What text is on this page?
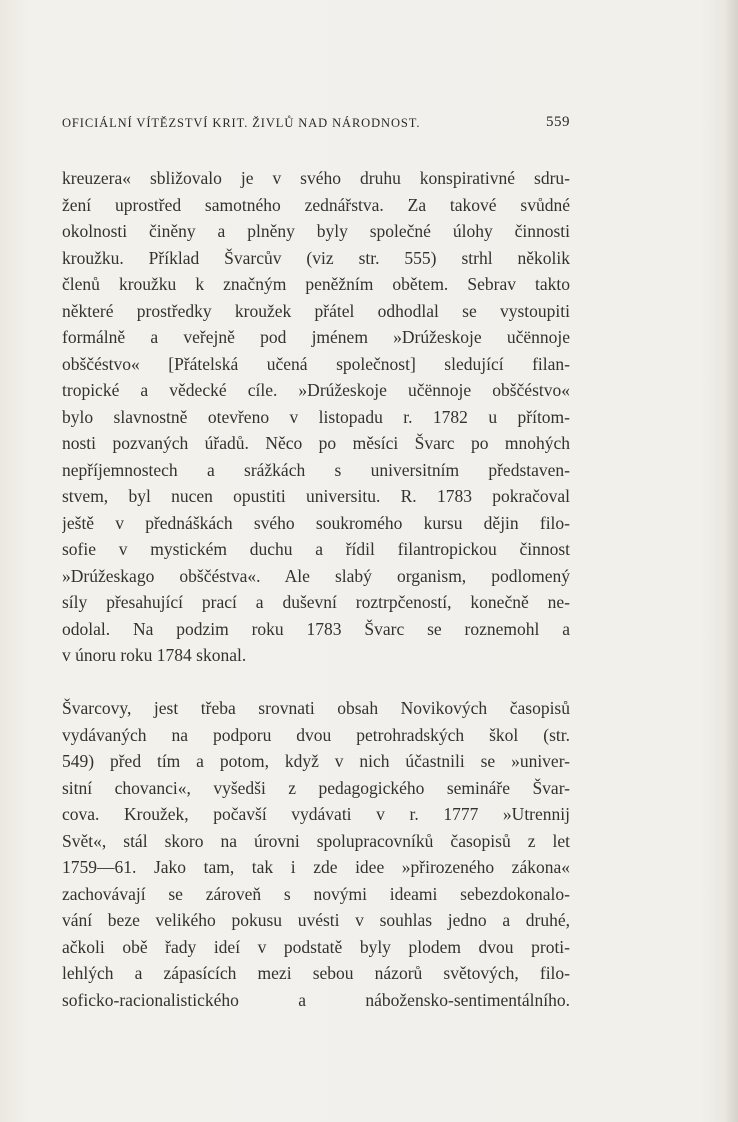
OFICIÁLNÍ VÍTĚZSTVÍ KRIT. ŽIVLŮ NAD NÁRODNOST.	559
kreuzera« sbližovalo je v svého druhu konspirativné sdru-
žení uprostřed samotného zednářstva. Za takové svůdné
okolnosti činěny a plněny byly společné úlohy činnosti
kroužku. Příklad Švarcův (viz str. 555) strhl několik
členů kroužku k značným peněžním obětem. Sebrav takto
některé prostředky kroužek přátel odhodlal se vystoupiti
formálně a veřejně pod jménem »Drúžeskoje učënnoje
obščéstvo« [Přátelská učená společnost] sledující filan-
tropické a vědecké cíle. »Drúžeskoje učënnoje obščéstvo«
bylo slavnostně otevřeno v listopadu r. 1782 u přítom-
nosti pozvaných úřadů. Něco po měsíci Švarc po mnohých
nepříjemnostech a srážkách s universitním představen-
stvem, byl nucen opustiti universitu. R. 1783 pokračoval
ještě v přednáškách svého soukromého kursu dějin filo-
sofie v mystickém duchu a řídil filantropickou činnost
»Drúžeskago obščéstva«. Ale slabý organism, podlomený
síly přesahující prací a duševní roztrpčeností, konečně ne-
odolal. Na podzim roku 1783 Švarc se roznemohl a
v únoru roku 1784 skonal.
Švarcovy, jest třeba srovnati obsah Novikových časopisů
vydávaných na podporu dvou petrohradských škol (str.
549) před tím a potom, když v nich účastnili se »univer-
sitní chovanci«, vyšedši z pedagogického semináře Švar-
cova. Kroužek, počavší vydávati v r. 1777 »Utrennij
Svět«, stál skoro na úrovni spolupracovníků časopisů z let
1759—61. Jako tam, tak i zde idee »přirozeného zákona«
zachovávají se zároveň s novými ideami sebezdokonalo-
vání beze velikého pokusu uvésti v souhlas jedno a druhé,
ačkoli obě řady ideí v podstatě byly plodem dvou proti-
lehlých a zápasících mezi sebou názorů světových, filo-
soficko-racionalistického a nábožensko-sentimentálního.
